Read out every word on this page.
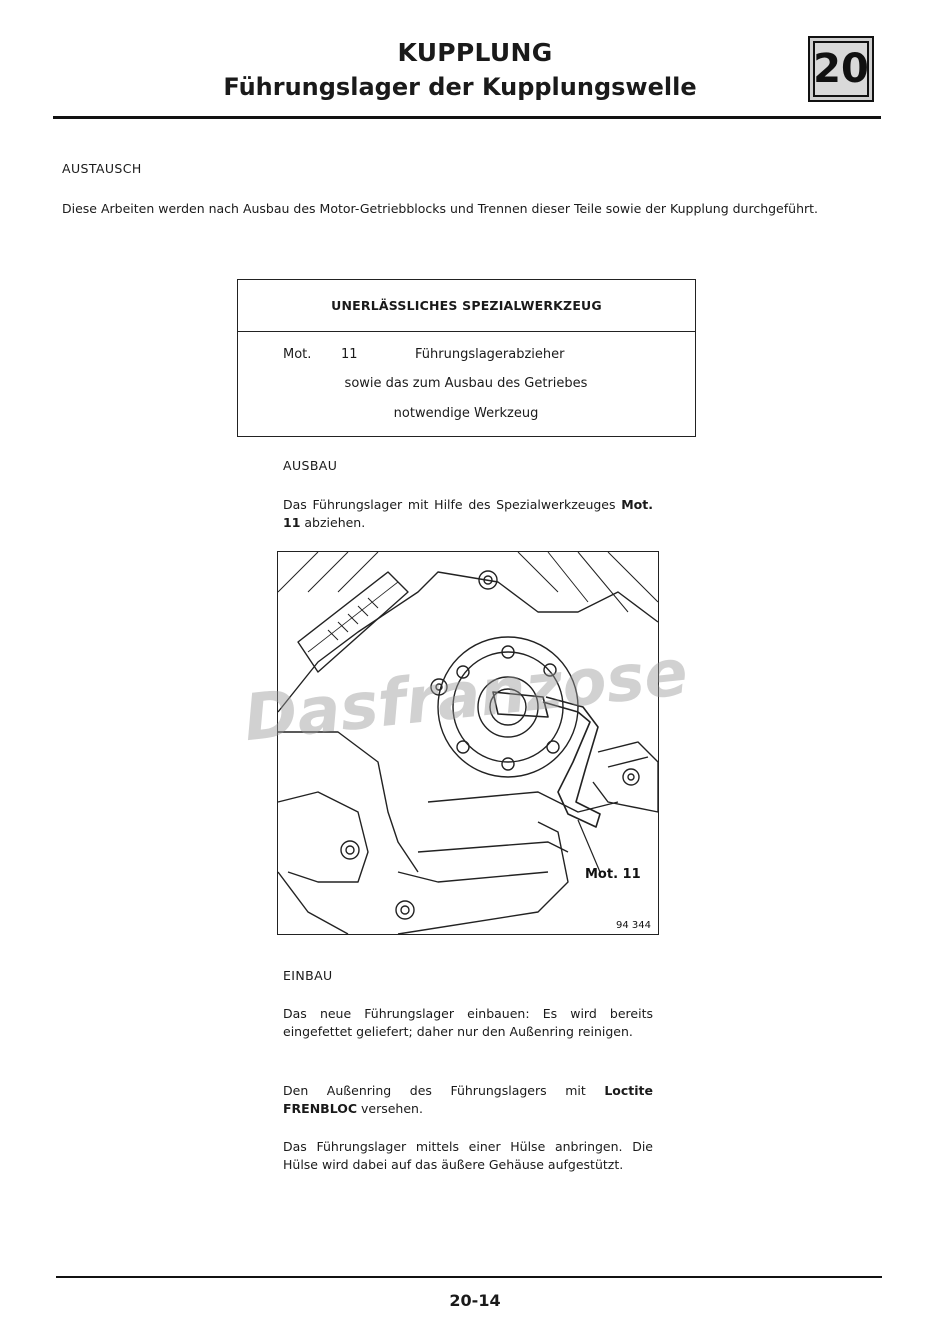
KUPPLUNG
Führungslager der Kupplungswelle	20
AUSTAUSCH
Diese Arbeiten werden nach Ausbau des Motor-Getriebblocks und Trennen dieser Teile sowie der Kupplung durchgeführt.
UNERLÄSSLICHES SPEZIALWERKZEUG
Mot. 11	Führungslagerabzieher
sowie das zum Ausbau des Getriebes
notwendige Werkzeug
AUSBAU
Das Führungslager mit Hilfe des Spezialwerkzeuges Mot. 11 abziehen.
Dasfranzose
Mot. 11
94 344
EINBAU
Das neue Führungslager einbauen: Es wird bereits eingefettet geliefert; daher nur den Außenring reinigen.
Den Außenring des Führungslagers mit Loctite FRENBLOC versehen.
Das Führungslager mittels einer Hülse anbringen. Die Hülse wird dabei auf das äußere Gehäuse aufgestützt.
20-14
